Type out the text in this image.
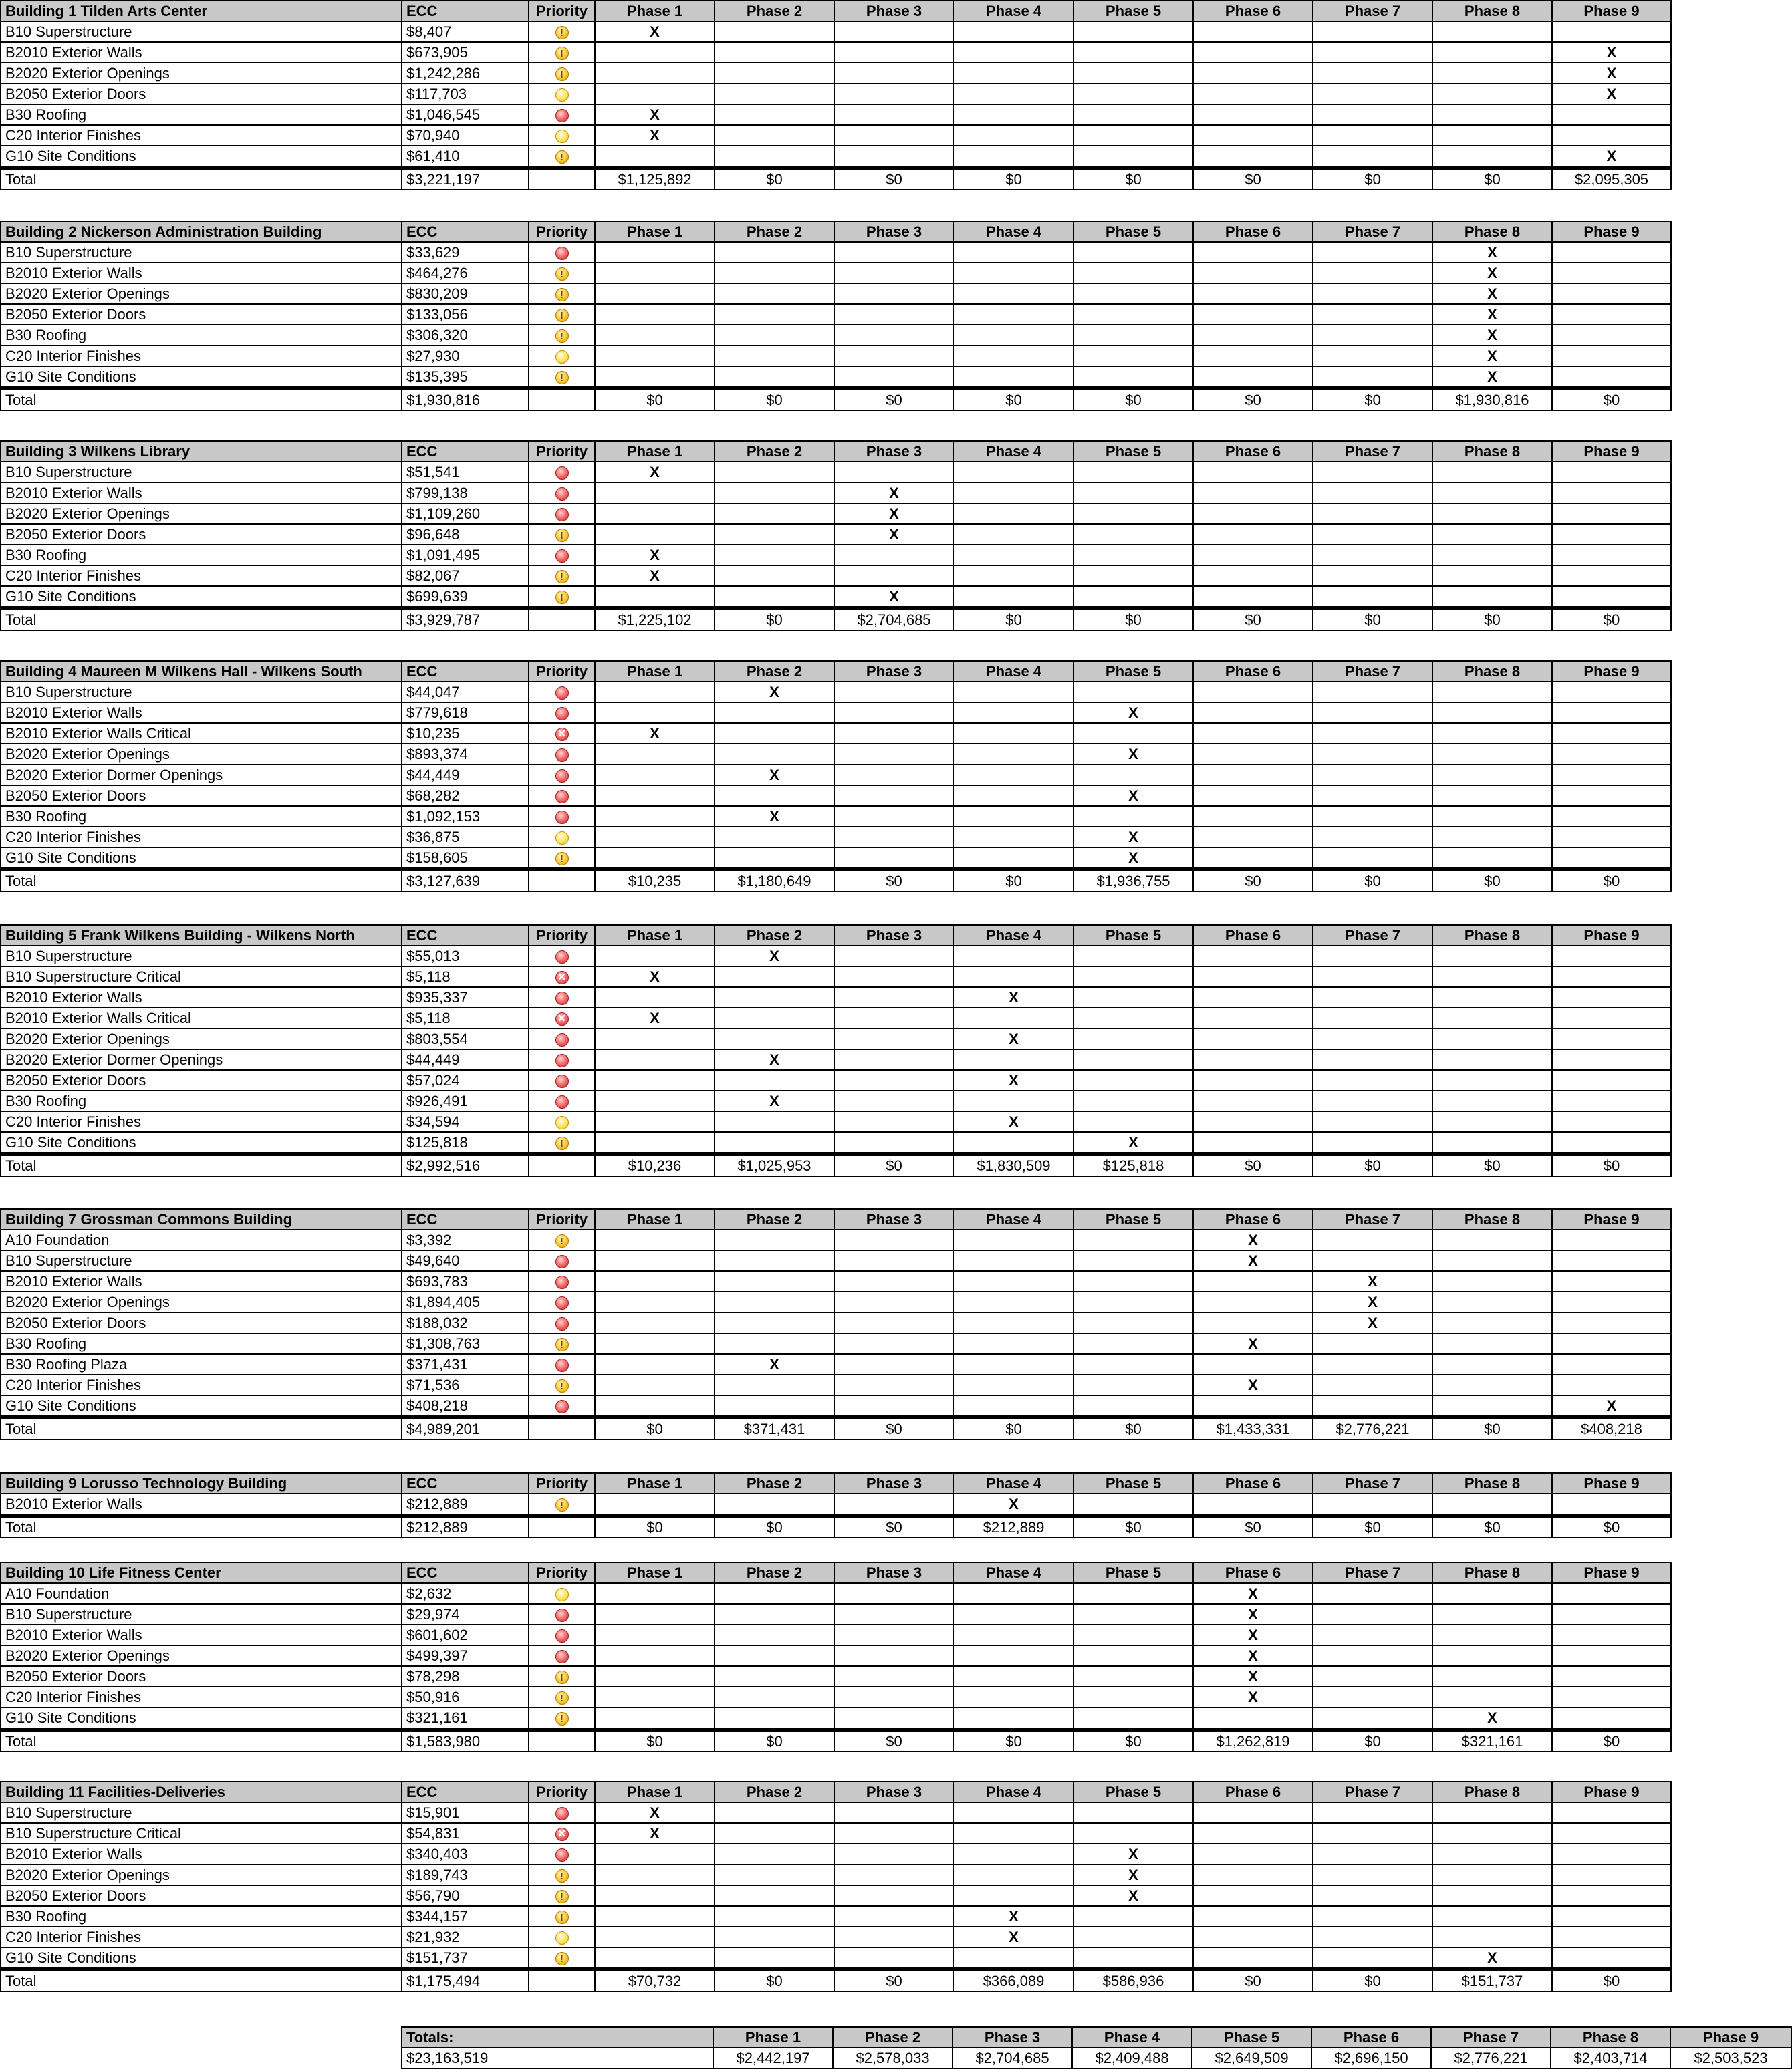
Building 1 Tilden Arts Center	ECC	Priority	Phase 1	Phase 2	Phase 3	Phase 4	Phase 5	Phase 6	Phase 7	Phase 8	Phase 9
B10 Superstructure	$8,407	!	X								
B2010 Exterior Walls	$673,905	!									X
B2020 Exterior Openings	$1,242,286	!									X
B2050 Exterior Doors	$117,703										X
B30 Roofing	$1,046,545		X								
C20 Interior Finishes	$70,940		X								
G10 Site Conditions	$61,410	!									X
Total	$3,221,197		$1,125,892	$0	$0	$0	$0	$0	$0	$0	$2,095,305
Building 2 Nickerson Administration Building	ECC	Priority	Phase 1	Phase 2	Phase 3	Phase 4	Phase 5	Phase 6	Phase 7	Phase 8	Phase 9
B10 Superstructure	$33,629									X	
B2010 Exterior Walls	$464,276	!								X	
B2020 Exterior Openings	$830,209	!								X	
B2050 Exterior Doors	$133,056	!								X	
B30 Roofing	$306,320	!								X	
C20 Interior Finishes	$27,930									X	
G10 Site Conditions	$135,395	!								X	
Total	$1,930,816		$0	$0	$0	$0	$0	$0	$0	$1,930,816	$0
Building 3 Wilkens Library	ECC	Priority	Phase 1	Phase 2	Phase 3	Phase 4	Phase 5	Phase 6	Phase 7	Phase 8	Phase 9
B10 Superstructure	$51,541		X								
B2010 Exterior Walls	$799,138				X						
B2020 Exterior Openings	$1,109,260				X						
B2050 Exterior Doors	$96,648	!			X						
B30 Roofing	$1,091,495		X								
C20 Interior Finishes	$82,067	!	X								
G10 Site Conditions	$699,639	!			X						
Total	$3,929,787		$1,225,102	$0	$2,704,685	$0	$0	$0	$0	$0	$0
Building 4 Maureen M Wilkens Hall - Wilkens South	ECC	Priority	Phase 1	Phase 2	Phase 3	Phase 4	Phase 5	Phase 6	Phase 7	Phase 8	Phase 9
B10 Superstructure	$44,047			X							
B2010 Exterior Walls	$779,618						X				
B2010 Exterior Walls Critical	$10,235	×	X								
B2020 Exterior Openings	$893,374						X				
B2020 Exterior Dormer Openings	$44,449			X							
B2050 Exterior Doors	$68,282						X				
B30 Roofing	$1,092,153			X							
C20 Interior Finishes	$36,875						X				
G10 Site Conditions	$158,605	!					X				
Total	$3,127,639		$10,235	$1,180,649	$0	$0	$1,936,755	$0	$0	$0	$0
Building 5 Frank Wilkens Building - Wilkens North	ECC	Priority	Phase 1	Phase 2	Phase 3	Phase 4	Phase 5	Phase 6	Phase 7	Phase 8	Phase 9
B10 Superstructure	$55,013			X							
B10 Superstructure Critical	$5,118	×	X								
B2010 Exterior Walls	$935,337					X					
B2010 Exterior Walls Critical	$5,118	×	X								
B2020 Exterior Openings	$803,554					X					
B2020 Exterior Dormer Openings	$44,449			X							
B2050 Exterior Doors	$57,024					X					
B30 Roofing	$926,491			X							
C20 Interior Finishes	$34,594					X					
G10 Site Conditions	$125,818	!					X				
Total	$2,992,516		$10,236	$1,025,953	$0	$1,830,509	$125,818	$0	$0	$0	$0
Building 7 Grossman Commons Building	ECC	Priority	Phase 1	Phase 2	Phase 3	Phase 4	Phase 5	Phase 6	Phase 7	Phase 8	Phase 9
A10 Foundation	$3,392	!						X			
B10 Superstructure	$49,640							X			
B2010 Exterior Walls	$693,783								X		
B2020 Exterior Openings	$1,894,405								X		
B2050 Exterior Doors	$188,032								X		
B30 Roofing	$1,308,763	!						X			
B30 Roofing Plaza	$371,431			X							
C20 Interior Finishes	$71,536	!						X			
G10 Site Conditions	$408,218										X
Total	$4,989,201		$0	$371,431	$0	$0	$0	$1,433,331	$2,776,221	$0	$408,218
Building 9 Lorusso Technology Building	ECC	Priority	Phase 1	Phase 2	Phase 3	Phase 4	Phase 5	Phase 6	Phase 7	Phase 8	Phase 9
B2010 Exterior Walls	$212,889	!				X					
Total	$212,889		$0	$0	$0	$212,889	$0	$0	$0	$0	$0
Building 10 Life Fitness Center	ECC	Priority	Phase 1	Phase 2	Phase 3	Phase 4	Phase 5	Phase 6	Phase 7	Phase 8	Phase 9
A10 Foundation	$2,632							X			
B10 Superstructure	$29,974							X			
B2010 Exterior Walls	$601,602							X			
B2020 Exterior Openings	$499,397							X			
B2050 Exterior Doors	$78,298	!						X			
C20 Interior Finishes	$50,916	!						X			
G10 Site Conditions	$321,161	!								X	
Total	$1,583,980		$0	$0	$0	$0	$0	$1,262,819	$0	$321,161	$0
Building 11 Facilities-Deliveries	ECC	Priority	Phase 1	Phase 2	Phase 3	Phase 4	Phase 5	Phase 6	Phase 7	Phase 8	Phase 9
B10 Superstructure	$15,901		X								
B10 Superstructure Critical	$54,831	×	X								
B2010 Exterior Walls	$340,403						X				
B2020 Exterior Openings	$189,743	!					X				
B2050 Exterior Doors	$56,790	!					X				
B30 Roofing	$344,157	!				X					
C20 Interior Finishes	$21,932					X					
G10 Site Conditions	$151,737	!								X	
Total	$1,175,494		$70,732	$0	$0	$366,089	$586,936	$0	$0	$151,737	$0
Totals:	Phase 1	Phase 2	Phase 3	Phase 4	Phase 5	Phase 6	Phase 7	Phase 8	Phase 9
$23,163,519	$2,442,197	$2,578,033	$2,704,685	$2,409,488	$2,649,509	$2,696,150	$2,776,221	$2,403,714	$2,503,523
